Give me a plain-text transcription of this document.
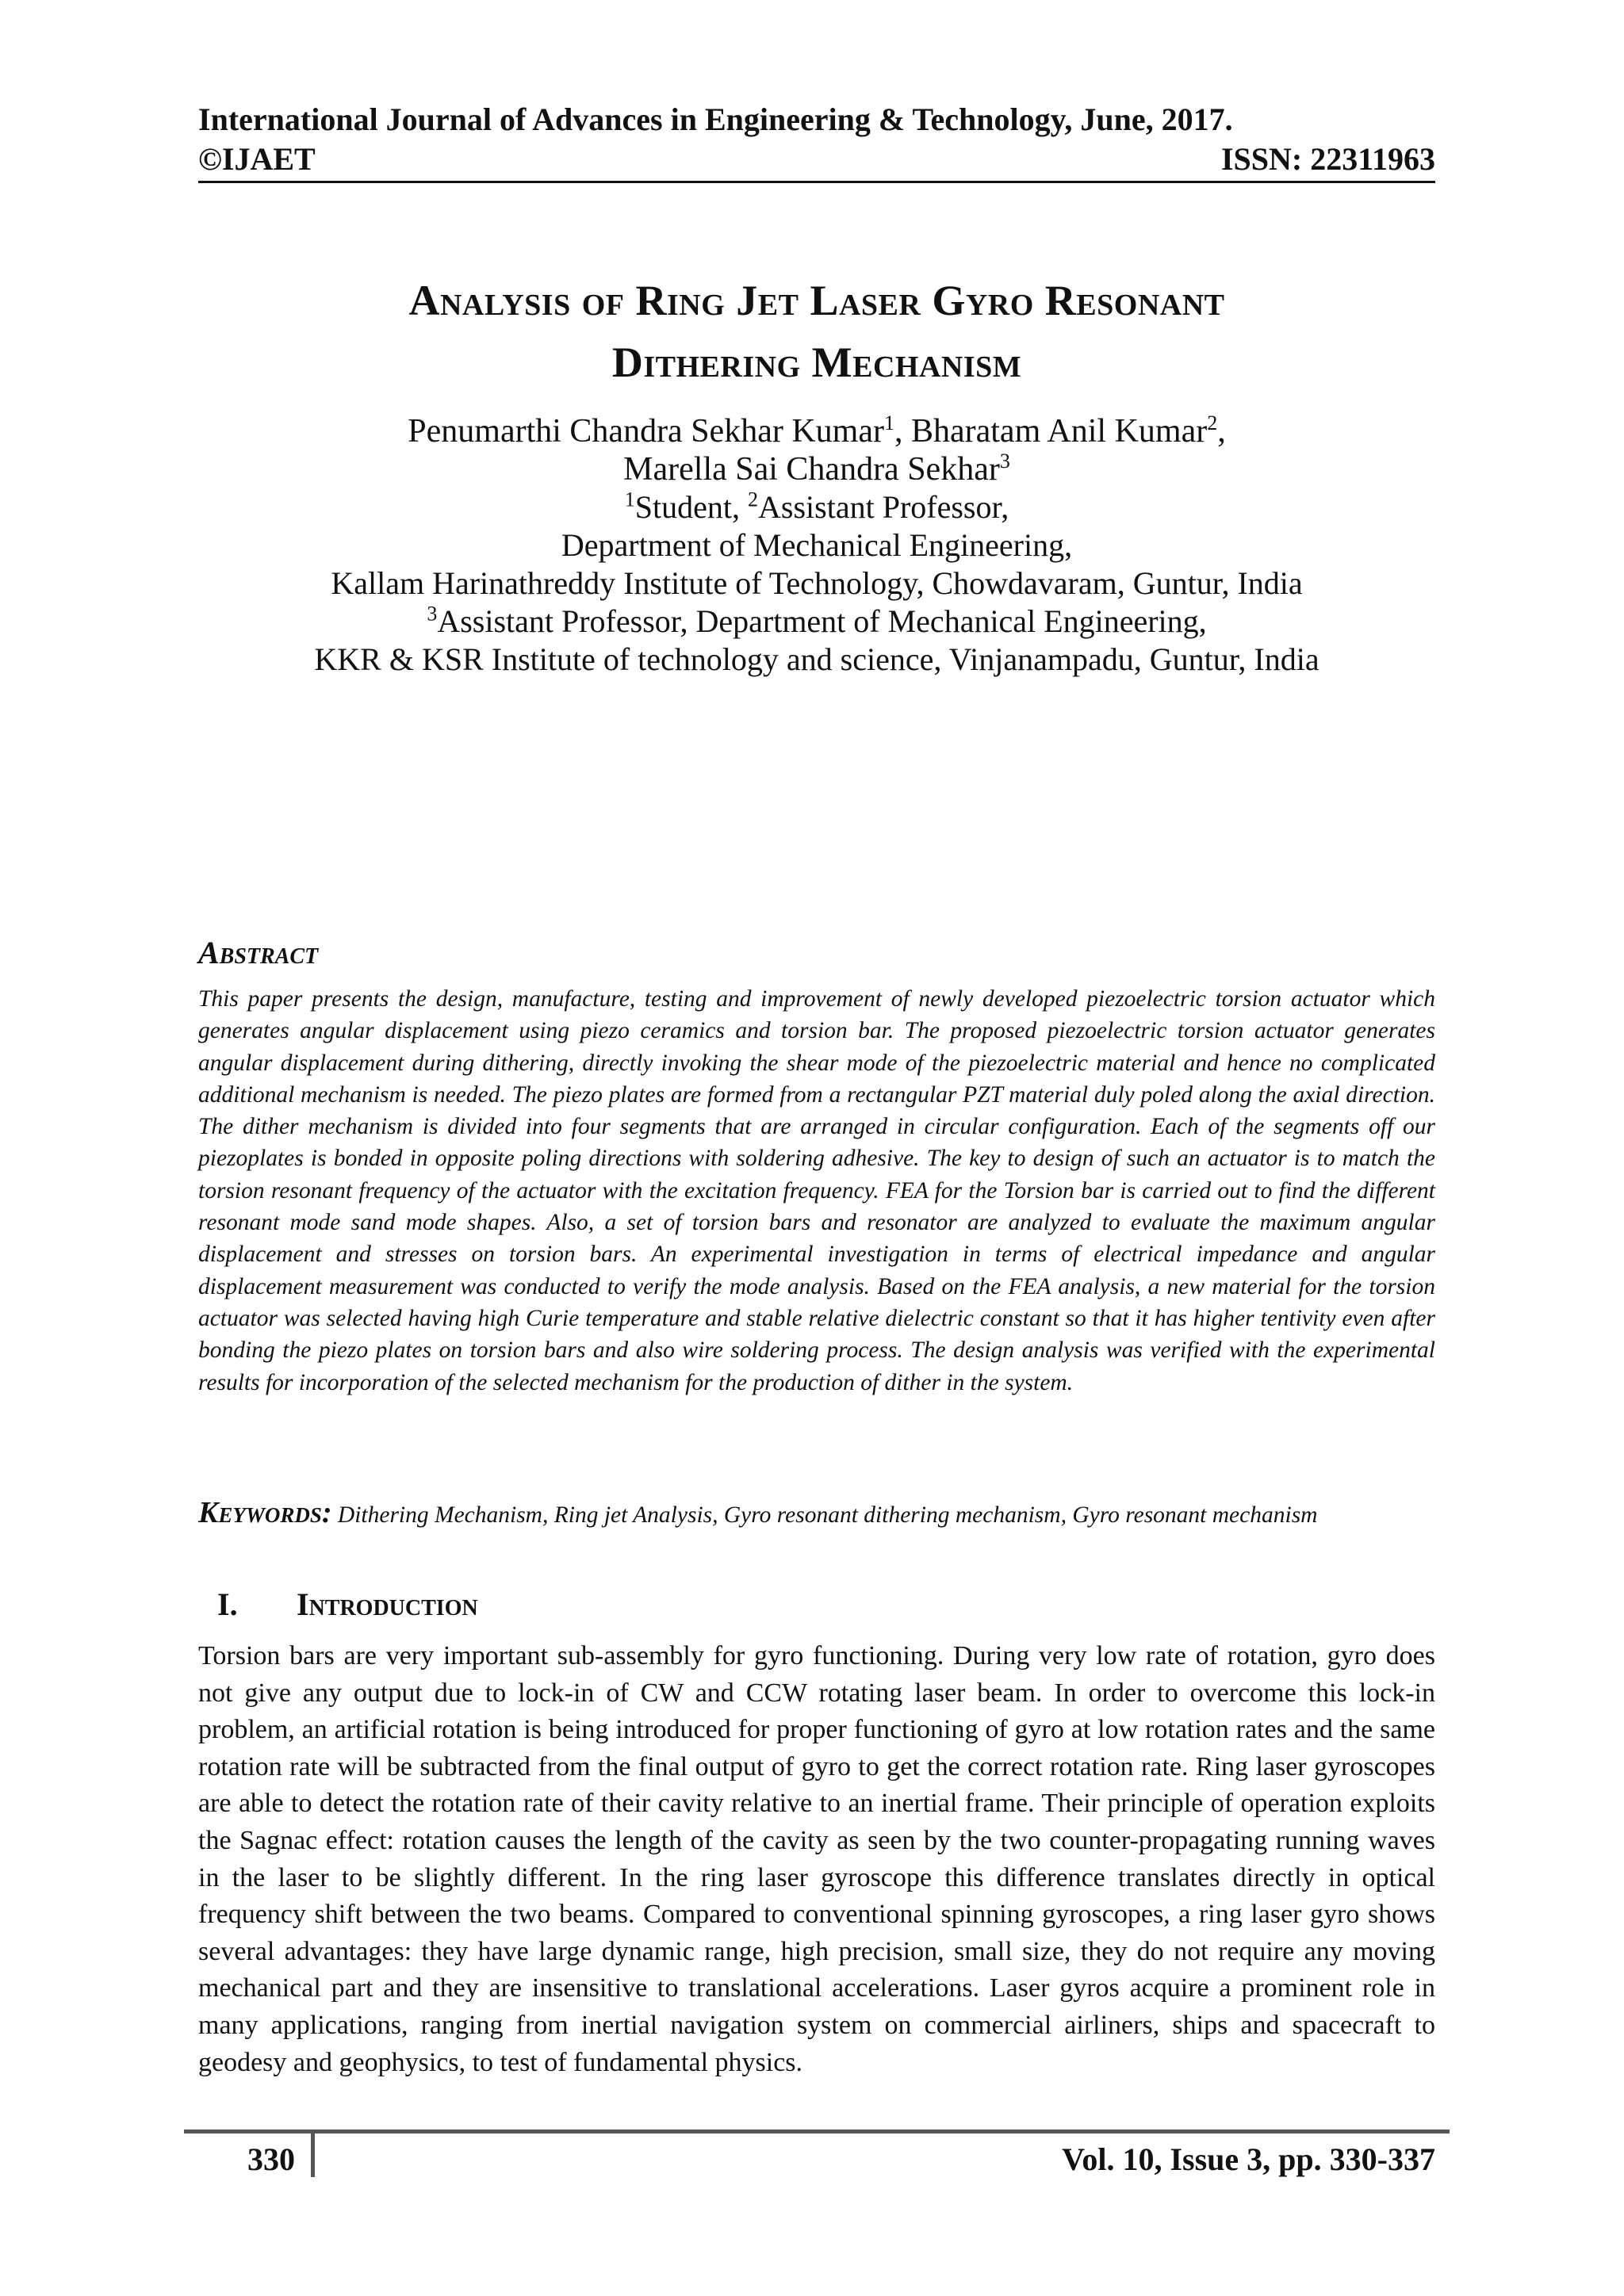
International Journal of Advances in Engineering & Technology, June, 2017.
©IJAET	ISSN: 22311963
Analysis of Ring Jet Laser Gyro Resonant
Dithering Mechanism
Penumarthi Chandra Sekhar Kumar$^1$, Bharatam Anil Kumar$^2$,
Marella Sai Chandra Sekhar$^3$
$^1$Student, $^2$Assistant Professor,
Department of Mechanical Engineering,
Kallam Harinathreddy Institute of Technology, Chowdavaram, Guntur, India
$^3$Assistant Professor, Department of Mechanical Engineering,
KKR & KSR Institute of technology and science, Vinjanampadu, Guntur, India
Abstract
This paper presents the design, manufacture, testing and improvement of newly developed piezoelectric torsion actuator which generates angular displacement using piezo ceramics and torsion bar. The proposed piezoelectric torsion actuator generates angular displacement during dithering, directly invoking the shear mode of the piezoelectric material and hence no complicated additional mechanism is needed. The piezo plates are formed from a rectangular PZT material duly poled along the axial direction. The dither mechanism is divided into four segments that are arranged in circular configuration. Each of the segments off our piezoplates is bonded in opposite poling directions with soldering adhesive. The key to design of such an actuator is to match the torsion resonant frequency of the actuator with the excitation frequency. FEA for the Torsion bar is carried out to find the different resonant mode sand mode shapes. Also, a set of torsion bars and resonator are analyzed to evaluate the maximum angular displacement and stresses on torsion bars. An experimental investigation in terms of electrical impedance and angular displacement measurement was conducted to verify the mode analysis. Based on the FEA analysis, a new material for the torsion actuator was selected having high Curie temperature and stable relative dielectric constant so that it has higher tentivity even after bonding the piezo plates on torsion bars and also wire soldering process. The design analysis was verified with the experimental results for incorporation of the selected mechanism for the production of dither in the system.
Keywords: Dithering Mechanism, Ring jet Analysis, Gyro resonant dithering mechanism, Gyro resonant mechanism
I. Introduction
Torsion bars are very important sub-assembly for gyro functioning. During very low rate of rotation, gyro does not give any output due to lock-in of CW and CCW rotating laser beam. In order to overcome this lock-in problem, an artificial rotation is being introduced for proper functioning of gyro at low rotation rates and the same rotation rate will be subtracted from the final output of gyro to get the correct rotation rate. Ring laser gyroscopes are able to detect the rotation rate of their cavity relative to an inertial frame. Their principle of operation exploits the Sagnac effect: rotation causes the length of the cavity as seen by the two counter-propagating running waves in the laser to be slightly different. In the ring laser gyroscope this difference translates directly in optical frequency shift between the two beams. Compared to conventional spinning gyroscopes, a ring laser gyro shows several advantages: they have large dynamic range, high precision, small size, they do not require any moving mechanical part and they are insensitive to translational accelerations. Laser gyros acquire a prominent role in many applications, ranging from inertial navigation system on commercial airliners, ships and spacecraft to geodesy and geophysics, to test of fundamental physics.
330	Vol. 10, Issue 3, pp. 330-337
